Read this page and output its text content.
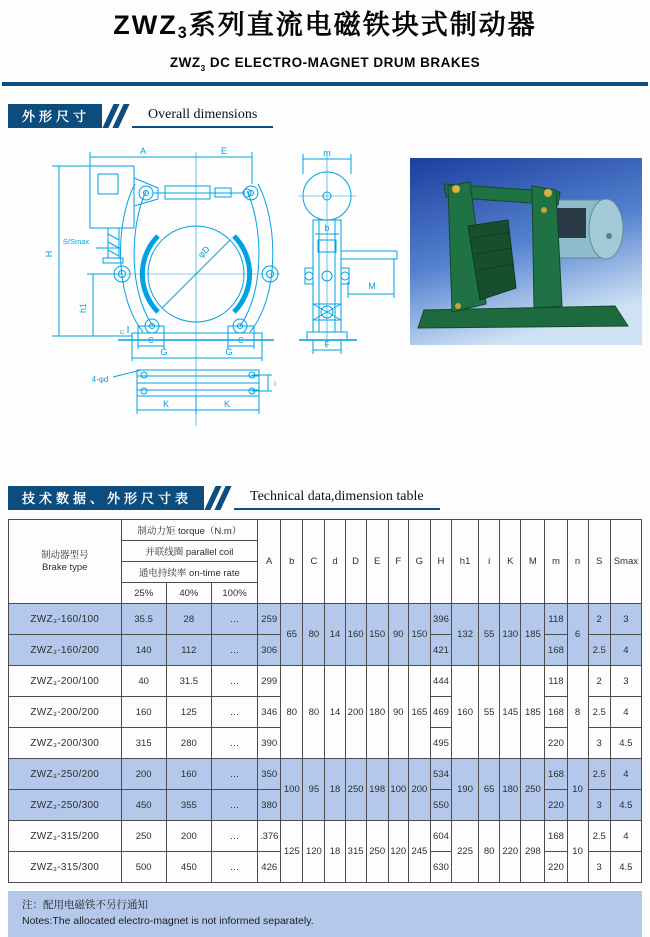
$ZWZ_3$系列直流电磁铁块式制动器
$ZWZ_3$ DC ELECTRO-MAGNET DRUM BRAKES
外形尺寸	Overall dimensions
A	E
H
S/Smax
h1
n
φD
C	C
G	G
4-φd
i
K	K
m
b
M
F
技术数据、外形尺寸表	Technical data,dimension table
制动器型号
Brake type	制动力矩 torque（N.m）			A	b	C	d	D	E	F	G	H	h1	i	K	M	m	n	S	Smax
	并联线圈 parallel coil																			
	通电持续率 on-time rate																			
	25%	40%	100%																	
ZWZ₃-160/100	35.5	28	…	259	65	80	14	160	150	90	150	396	132	55	130	185	118	6	2	3
ZWZ₃-160/200	140	112	…	306								421					168		2.5	4
ZWZ₃-200/100	40	31.5	…	299	80	80	14	200	180	90	165	444	160	55	145	185	118	8	2	3
ZWZ₃-200/200	160	125	…	346								469					168		2.5	4
ZWZ₃-200/300	315	280	…	390								495					220		3	4.5
ZWZ₃-250/200	200	160	…	350	100	95	18	250	198	100	200	534	190	65	180	250	168	10	2.5	4
ZWZ₃-250/300	450	355	…	380								550					220		3	4.5
ZWZ₃-315/200	250	200	…	.376	125	120	18	315	250	120	245	604	225	80	220	298	168	10	2.5	4
ZWZ₃-315/300	500	450	…	426								630					220		3	4.5
注：配用电磁铁不另行通知
Notes:The allocated electro-magnet is not informed separately.
